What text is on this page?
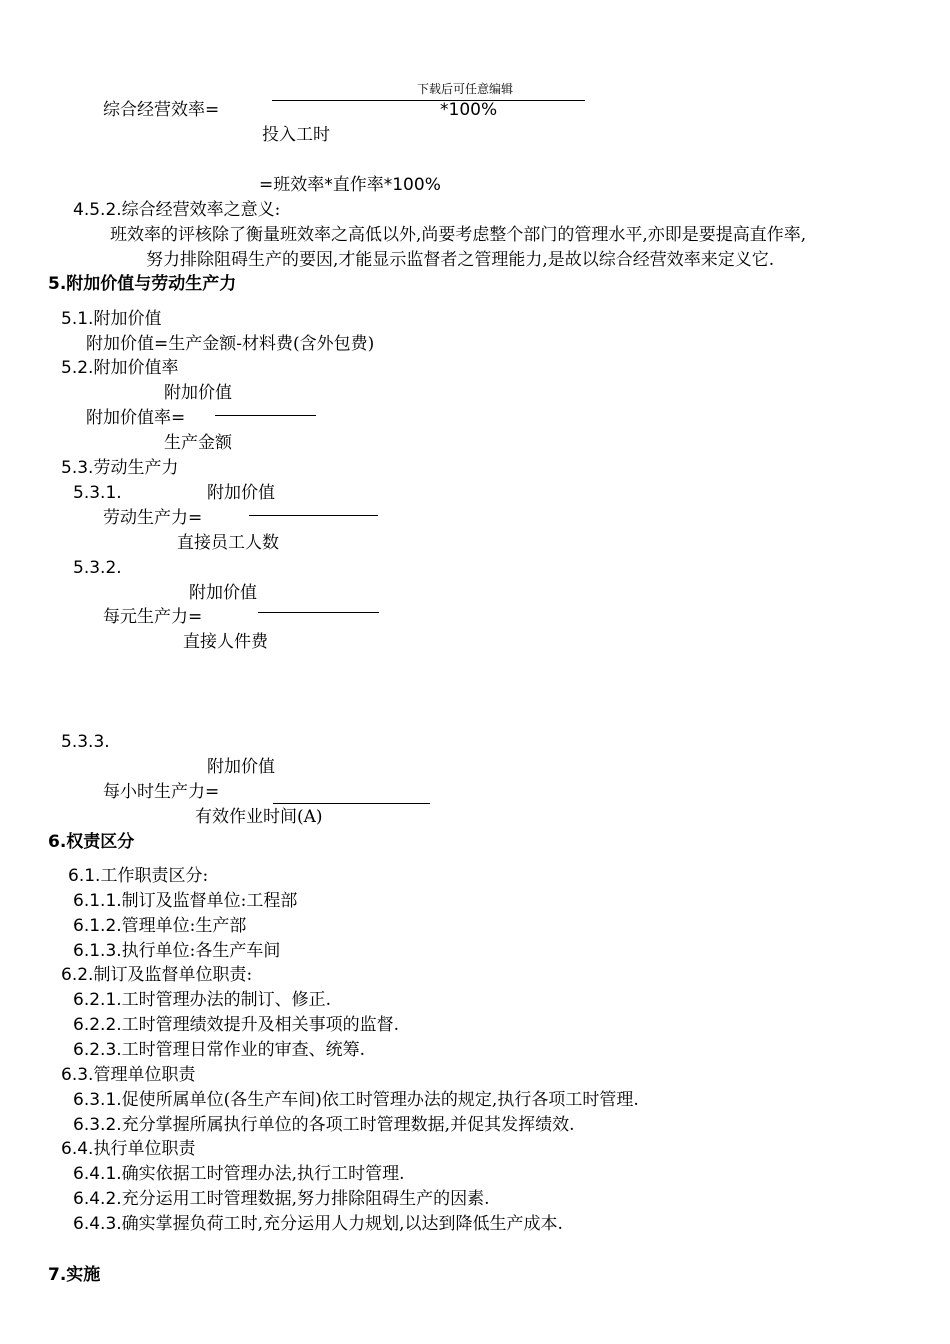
下载后可任意编辑
综合经营效率=	*100%
投入工时
=班效率*直作率*100%
4.5.2.综合经营效率之意义:
班效率的评核除了衡量班效率之高低以外,尚要考虑整个部门的管理水平,亦即是要提高直作率,
努力排除阻碍生产的要因,才能显示监督者之管理能力,是故以综合经营效率来定义它.
5.附加价值与劳动生产力
5.1.附加价值
附加价值=生产金额-材料费(含外包费)
5.2.附加价值率
附加价值
附加价值率=
生产金额
5.3.劳动生产力
5.3.1.	附加价值
劳动生产力=
直接员工人数
5.3.2.
附加价值
每元生产力=
直接人件费
5.3.3.
附加价值
每小时生产力=
有效作业时间(A)
6.权责区分
6.1.工作职责区分:
6.1.1.制订及监督单位:工程部
6.1.2.管理单位:生产部
6.1.3.执行单位:各生产车间
6.2.制订及监督单位职责:
6.2.1.工时管理办法的制订、修正.
6.2.2.工时管理绩效提升及相关事项的监督.
6.2.3.工时管理日常作业的审查、统筹.
6.3.管理单位职责
6.3.1.促使所属单位(各生产车间)依工时管理办法的规定,执行各项工时管理.
6.3.2.充分掌握所属执行单位的各项工时管理数据,并促其发挥绩效.
6.4.执行单位职责
6.4.1.确实依据工时管理办法,执行工时管理.
6.4.2.充分运用工时管理数据,努力排除阻碍生产的因素.
6.4.3.确实掌握负荷工时,充分运用人力规划,以达到降低生产成本.
7.实施
